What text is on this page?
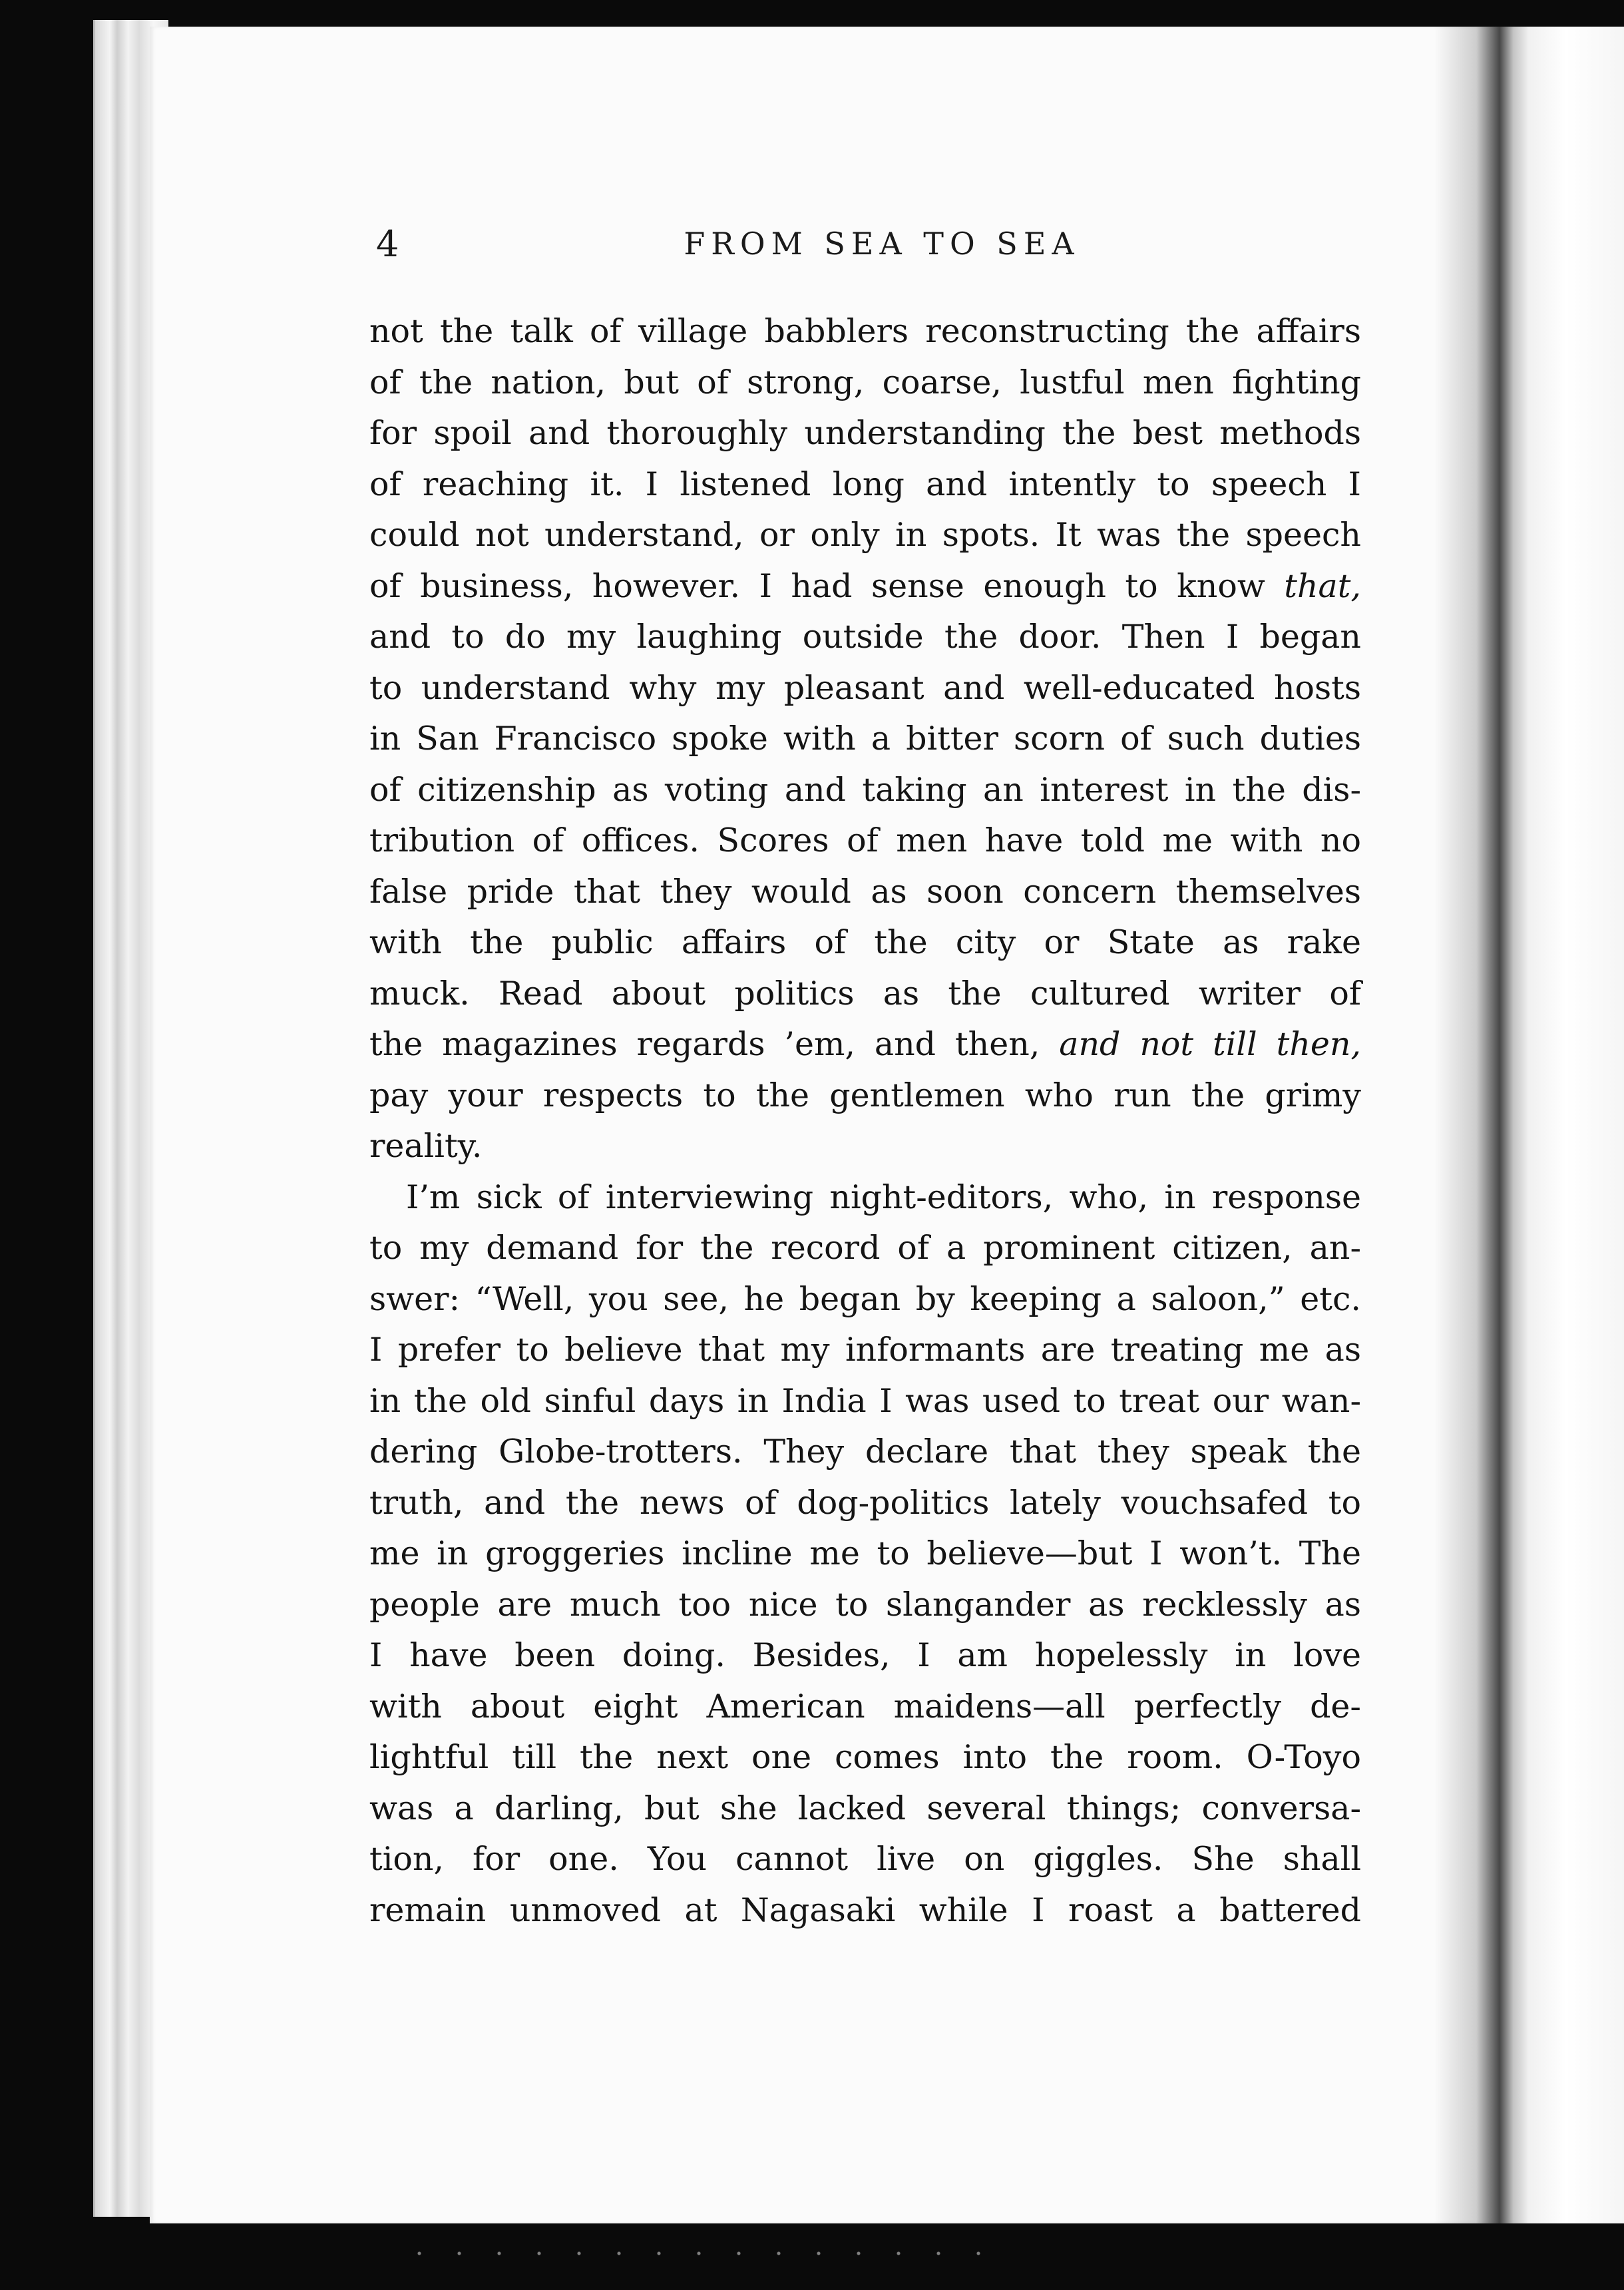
4	FROM SEA TO SEA
not the talk of village babblers reconstructing the affairs
of the nation, but of strong, coarse, lustful men fighting
for spoil and thoroughly understanding the best methods
of reaching it. I listened long and intently to speech I
could not understand, or only in spots. It was the speech
of business, however. I had sense enough to know that,
and to do my laughing outside the door. Then I began
to understand why my pleasant and well-educated hosts
in San Francisco spoke with a bitter scorn of such duties
of citizenship as voting and taking an interest in the dis-
tribution of offices. Scores of men have told me with no
false pride that they would as soon concern themselves
with the public affairs of the city or State as rake
muck. Read about politics as the cultured writer of
the magazines regards ’em, and then, and not till then,
pay your respects to the gentlemen who run the grimy
reality.
I’m sick of interviewing night-editors, who, in response
to my demand for the record of a prominent citizen, an-
swer: “Well, you see, he began by keeping a saloon,” etc.
I prefer to believe that my informants are treating me as
in the old sinful days in India I was used to treat our wan-
dering Globe-trotters. They declare that they speak the
truth, and the news of dog-politics lately vouchsafed to
me in groggeries incline me to believe—but I won’t. The
people are much too nice to slangander as recklessly as
I have been doing. Besides, I am hopelessly in love
with about eight American maidens—all perfectly de-
lightful till the next one comes into the room. O-Toyo
was a darling, but she lacked several things; conversa-
tion, for one. You cannot live on giggles. She shall
remain unmoved at Nagasaki while I roast a battered
